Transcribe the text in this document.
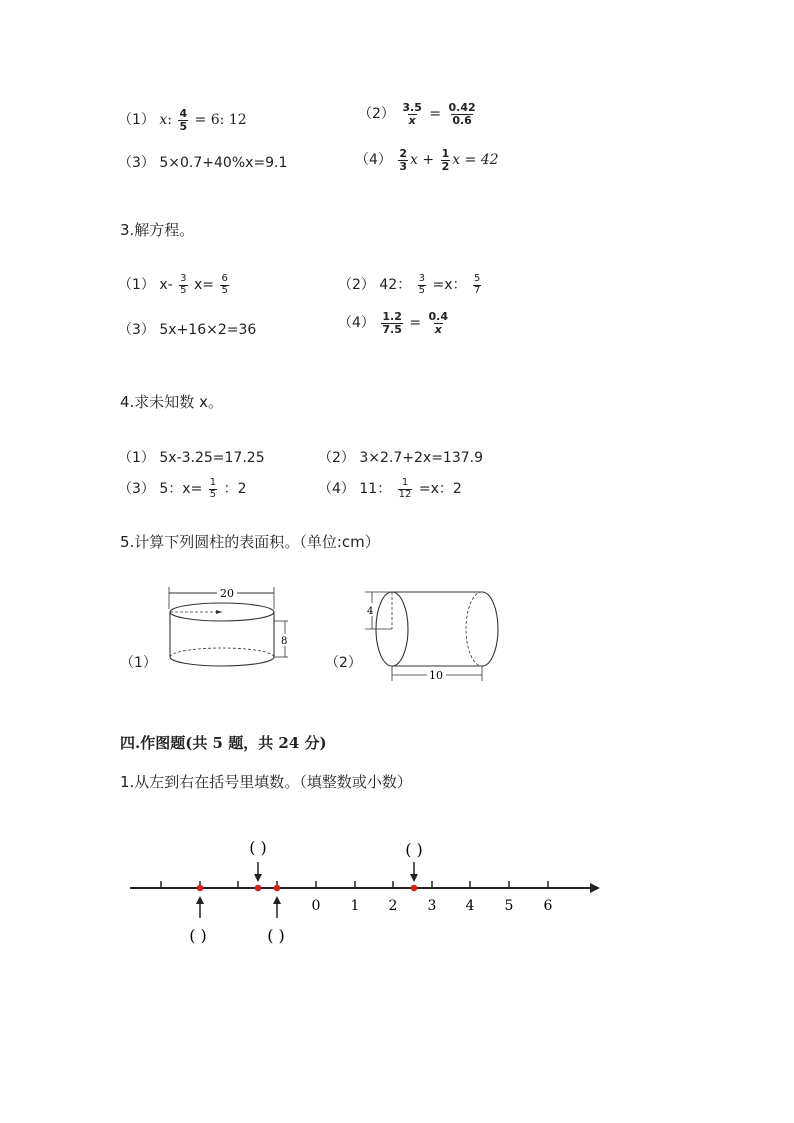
（1） x: $\frac{4}{5} = 6$: 12	$(2) \frac{3.5}{x} = \frac{0.42}{0.6}$
（3） 5×0.7+40%x=9.1	$(4) \frac{2}{3}$ $x + \frac{1}{2}$ x = 42
3.解方程。
（1） $x- \frac{3}{5} x= \frac{6}{5}$	（2） 42： $\frac{3}{5} =x$： $\frac{5}{7}$
（3） 5x+16×2=36	$(4) \frac{1.2}{7.5} = \frac{0.4}{x}$
4.求未知数 x。
（1） 5x-3.25=17.25	（2） 3×2.7+2x=137.9
（3） 5：$x= \frac{1}{5}$ ：2	（4） 11： $\frac{1}{12} =x$：2
5.计算下列圆柱的表面积。（单位:cm）
（1）
20
8
（2）
4
10
四.作图题(共 5 题，共 24 分)
1.从左到右在括号里填数。（填整数或小数）
0 1 2 3 4 5 6
( )	( )
( )	( )
